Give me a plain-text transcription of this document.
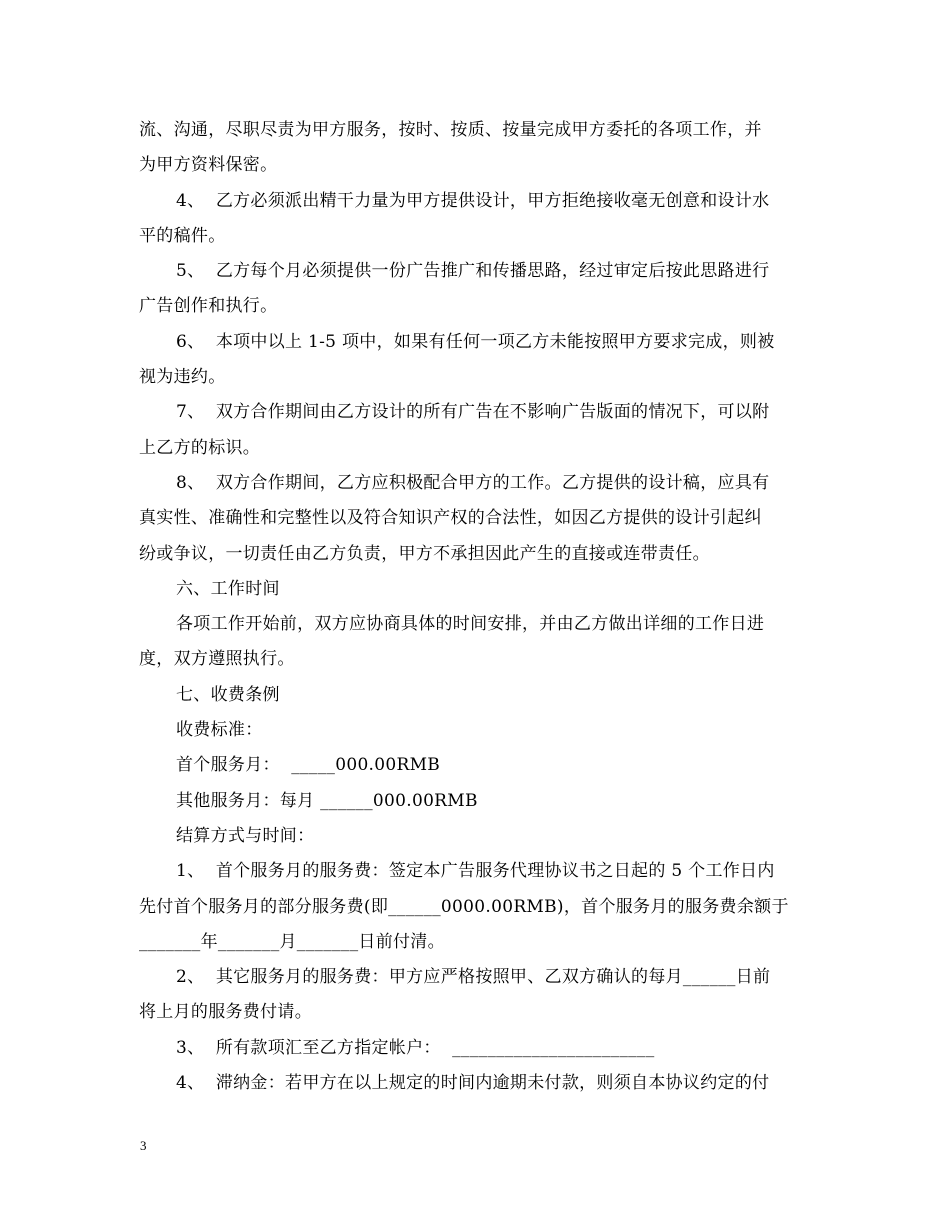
流、沟通，尽职尽责为甲方服务，按时、按质、按量完成甲方委托的各项工作，并
为甲方资料保密。
4、  乙方必须派出精干力量为甲方提供设计，甲方拒绝接收毫无创意和设计水
平的稿件。
5、  乙方每个月必须提供一份广告推广和传播思路，经过审定后按此思路进行
广告创作和执行。
6、  本项中以上 1-5 项中，如果有任何一项乙方未能按照甲方要求完成，则被
视为违约。
7、  双方合作期间由乙方设计的所有广告在不影响广告版面的情况下，可以附
上乙方的标识。
8、  双方合作期间，乙方应积极配合甲方的工作。乙方提供的设计稿，应具有
真实性、准确性和完整性以及符合知识产权的合法性，如因乙方提供的设计引起纠
纷或争议，一切责任由乙方负责，甲方不承担因此产生的直接或连带责任。
六、工作时间
各项工作开始前，双方应协商具体的时间安排，并由乙方做出详细的工作日进
度，双方遵照执行。
七、收费条例
收费标准：
首个服务月：  _____000.00RMB
其他服务月：每月 ______000.00RMB
结算方式与时间：
1、  首个服务月的服务费：签定本广告服务代理协议书之日起的 5 个工作日内
先付首个服务月的部分服务费(即______0000.00RMB)，首个服务月的服务费余额于
_______年_______月_______日前付清。
2、  其它服务月的服务费：甲方应严格按照甲、乙双方确认的每月______日前
将上月的服务费付请。
3、  所有款项汇至乙方指定帐户：  _______________________
4、  滞纳金：若甲方在以上规定的时间内逾期未付款，则须自本协议约定的付
3
